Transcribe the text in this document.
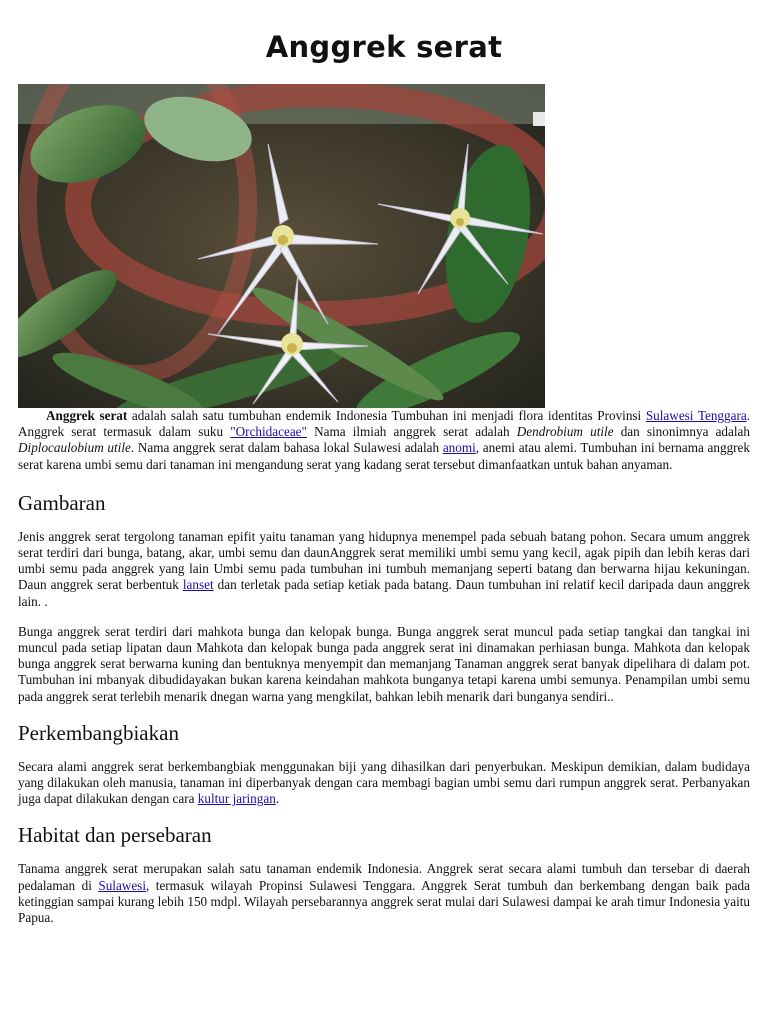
Anggrek serat

Anggrek serat adalah salah satu tumbuhan endemik Indonesia Tumbuhan ini menjadi flora identitas Provinsi Sulawesi Tenggara. Anggrek serat termasuk dalam suku "Orchidaceae" Nama ilmiah anggrek serat adalah Dendrobium utile dan sinonimnya adalah Diplocaulobium utile. Nama anggrek serat dalam bahasa lokal Sulawesi adalah anomi, anemi atau alemi. Tumbuhan ini bernama anggrek serat karena umbi semu dari tanaman ini mengandung serat yang kadang serat tersebut dimanfaatkan untuk bahan anyaman.

Gambaran

Jenis anggrek serat tergolong tanaman epifit yaitu tanaman yang hidupnya menempel pada sebuah batang pohon. Secara umum anggrek serat terdiri dari bunga, batang, akar, umbi semu dan daunAnggrek serat memiliki umbi semu yang kecil, agak pipih dan lebih keras dari umbi semu pada anggrek yang lain Umbi semu pada tumbuhan ini tumbuh memanjang seperti batang dan berwarna hijau kekuningan. Daun anggrek serat berbentuk lanset dan terletak pada setiap ketiak pada batang. Daun tumbuhan ini relatif kecil daripada daun anggrek lain. .

Bunga anggrek serat terdiri dari mahkota bunga dan kelopak bunga. Bunga anggrek serat muncul pada setiap tangkai dan tangkai ini muncul pada setiap lipatan daun Mahkota dan kelopak bunga pada anggrek serat ini dinamakan perhiasan bunga. Mahkota dan kelopak bunga anggrek serat berwarna kuning dan bentuknya menyempit dan memanjang Tanaman anggrek serat banyak dipelihara di dalam pot. Tumbuhan ini mbanyak dibudidayakan bukan karena keindahan mahkota bunganya tetapi karena umbi semunya. Penampilan umbi semu pada anggrek serat terlebih menarik dnegan warna yang mengkilat, bahkan lebih menarik dari bunganya sendiri..

Perkembangbiakan

Secara alami anggrek serat berkembangbiak menggunakan biji yang dihasilkan dari penyerbukan. Meskipun demikian, dalam budidaya yang dilakukan oleh manusia, tanaman ini diperbanyak dengan cara membagi bagian umbi semu dari rumpun anggrek serat. Perbanyakan juga dapat dilakukan dengan cara kultur jaringan.

Habitat dan persebaran

Tanama anggrek serat merupakan salah satu tanaman endemik Indonesia. Anggrek serat secara alami tumbuh dan tersebar di daerah pedalaman di Sulawesi, termasuk wilayah Propinsi Sulawesi Tenggara. Anggrek Serat tumbuh dan berkembang dengan baik pada ketinggian sampai kurang lebih 150 mdpl. Wilayah persebarannya anggrek serat mulai dari Sulawesi dampai ke arah timur Indonesia yaitu Papua.
